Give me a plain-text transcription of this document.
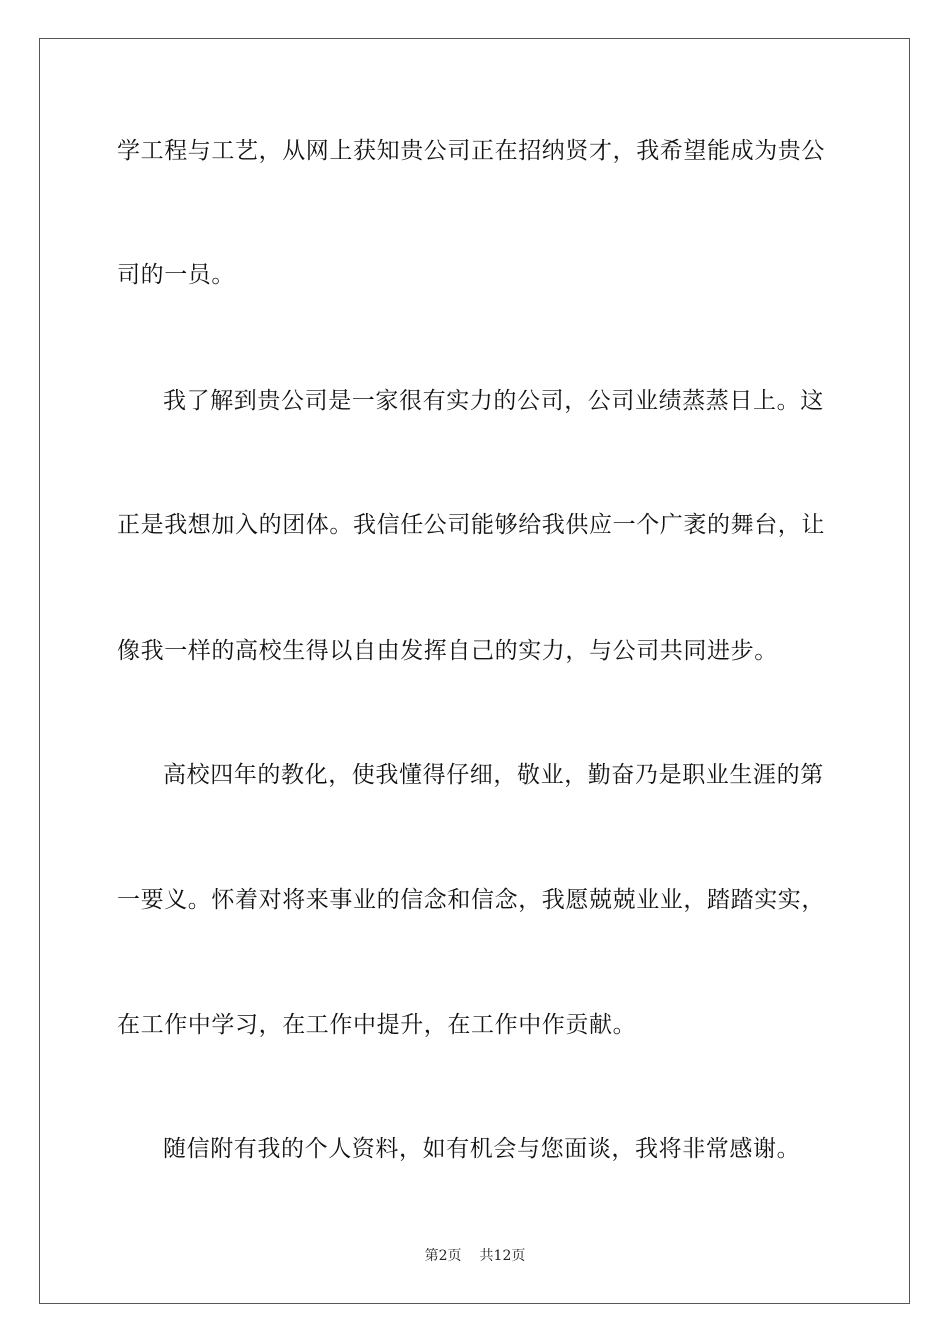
学工程与工艺，从网上获知贵公司正在招纳贤才，我希望能成为贵公
司的一员。
我了解到贵公司是一家很有实力的公司，公司业绩蒸蒸日上。这
正是我想加入的团体。我信任公司能够给我供应一个广袤的舞台，让
像我一样的高校生得以自由发挥自己的实力，与公司共同进步。
高校四年的教化，使我懂得仔细，敬业，勤奋乃是职业生涯的第
一要义。怀着对将来事业的信念和信念，我愿兢兢业业，踏踏实实，
在工作中学习，在工作中提升，在工作中作贡献。
随信附有我的个人资料，如有机会与您面谈，我将非常感谢。
第2页 共12页
